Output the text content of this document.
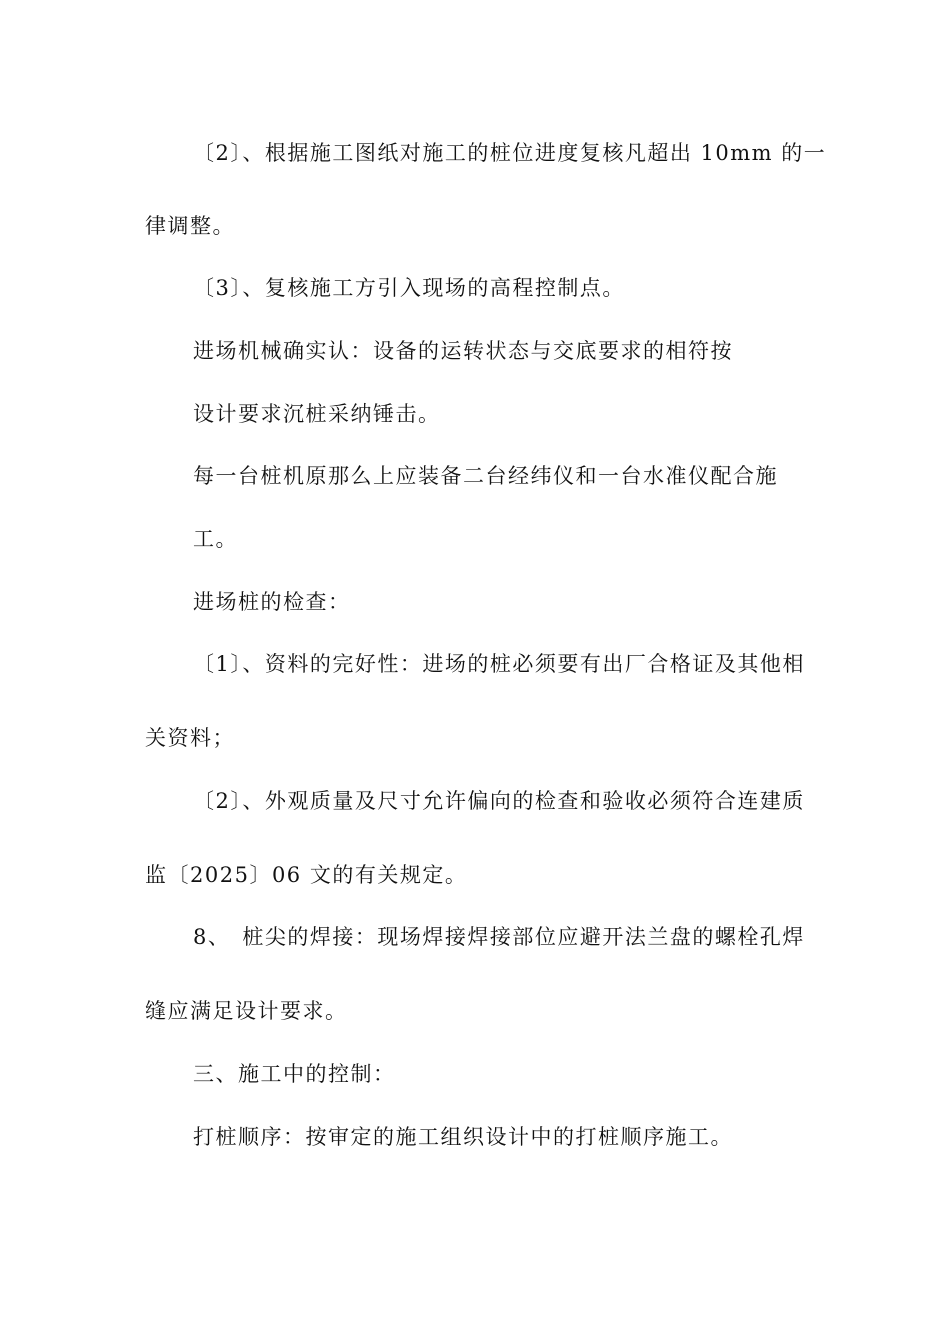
〔2〕、根据施工图纸对施工的桩位进度复核凡超出 10mm 的一
律调整。
〔3〕、复核施工方引入现场的高程控制点。
进场机械确实认：设备的运转状态与交底要求的相符按
设计要求沉桩采纳锤击。
每一台桩机原那么上应装备二台经纬仪和一台水准仪配合施
工。
进场桩的检查：
〔1〕、资料的完好性：进场的桩必须要有出厂合格证及其他相
关资料；
〔2〕、外观质量及尺寸允许偏向的检查和验收必须符合连建质
监〔2025〕06 文的有关规定。
8、　桩尖的焊接：现场焊接焊接部位应避开法兰盘的螺栓孔焊
缝应满足设计要求。
三、施工中的控制：
打桩顺序：按审定的施工组织设计中的打桩顺序施工。
